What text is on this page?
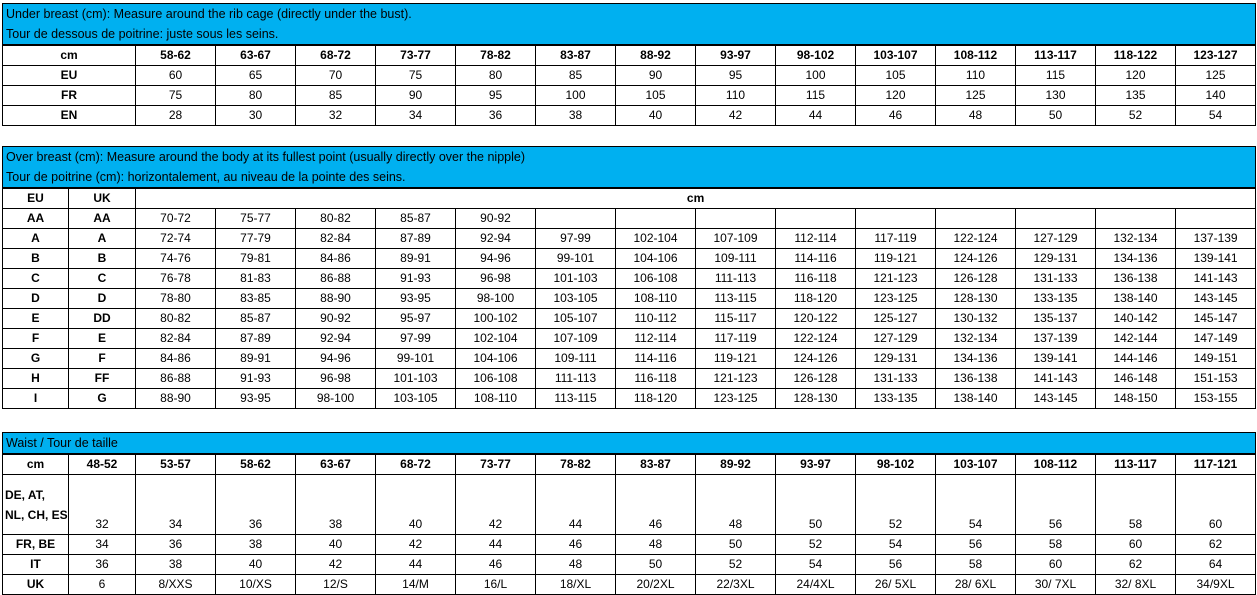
Under breast (cm): Measure around the rib cage (directly under the bust).
Tour de dessous de poitrine: juste sous les seins.
cm	58-62	63-67	68-72	73-77	78-82	83-87	88-92	93-97	98-102	103-107	108-112	113-117	118-122	123-127
EU	60	65	70	75	80	85	90	95	100	105	110	115	120	125
FR	75	80	85	90	95	100	105	110	115	120	125	130	135	140
EN	28	30	32	34	36	38	40	42	44	46	48	50	52	54
Over breast (cm): Measure around the body at its fullest point (usually directly over the nipple)
Tour de poitrine (cm): horizontalement, au niveau de la pointe des seins.
EU	UK	cm													
AA	AA	70-72	75-77	80-82	85-87	90-92									
A	A	72-74	77-79	82-84	87-89	92-94	97-99	102-104	107-109	112-114	117-119	122-124	127-129	132-134	137-139
B	B	74-76	79-81	84-86	89-91	94-96	99-101	104-106	109-111	114-116	119-121	124-126	129-131	134-136	139-141
C	C	76-78	81-83	86-88	91-93	96-98	101-103	106-108	111-113	116-118	121-123	126-128	131-133	136-138	141-143
D	D	78-80	83-85	88-90	93-95	98-100	103-105	108-110	113-115	118-120	123-125	128-130	133-135	138-140	143-145
E	DD	80-82	85-87	90-92	95-97	100-102	105-107	110-112	115-117	120-122	125-127	130-132	135-137	140-142	145-147
F	E	82-84	87-89	92-94	97-99	102-104	107-109	112-114	117-119	122-124	127-129	132-134	137-139	142-144	147-149
G	F	84-86	89-91	94-96	99-101	104-106	109-111	114-116	119-121	124-126	129-131	134-136	139-141	144-146	149-151
H	FF	86-88	91-93	96-98	101-103	106-108	111-113	116-118	121-123	126-128	131-133	136-138	141-143	146-148	151-153
I	G	88-90	93-95	98-100	103-105	108-110	113-115	118-120	123-125	128-130	133-135	138-140	143-145	148-150	153-155
Waist / Tour de taille
cm	48-52	53-57	58-62	63-67	68-72	73-77	78-82	83-87	89-92	93-97	98-102	103-107	108-112	113-117	117-121

DE, AT,
NL, CH, ES	32	34	36	38	40	42	44	46	48	50	52	54	56	58	60
FR, BE	34	36	38	40	42	44	46	48	50	52	54	56	58	60	62
IT	36	38	40	42	44	46	48	50	52	54	56	58	60	62	64
UK	6	8/XXS	10/XS	12/S	14/M	16/L	18/XL	20/2XL	22/3XL	24/4XL	26/ 5XL	28/ 6XL	30/ 7XL	32/ 8XL	34/9XL
